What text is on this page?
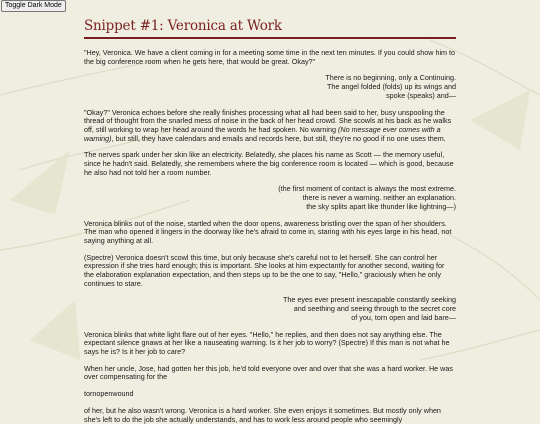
Toggle Dark Mode
Snippet #1: Veronica at Work

"Hey, Veronica. We have a client coming in for a meeting some time in the next ten minutes. If you could show him to the big conference room when he gets here, that would be great. Okay?"

There is no beginning, only a Continuing.
The angel folded (folds) up its wings and
spoke (speaks) and—

"Okay?" Veronica echoes before she really finishes processing what all had been said to her, busy unspooling the thread of thought from the snarled mess of noise in the back of her head crowd. She scowls at his back as he walks off, still working to wrap her head around the words he had spoken. No warning (No message ever comes with a warning), but still, they have calendars and emails and records here, but still, they're no good if no one uses them.

The nerves spark under her skin like an electricity. Belatedly, she places his name as Scott — the memory useful, since he hadn't said. Belatedly, she remembers where the big conference room is located — which is good, because he also had not told her a room number.

(the first moment of contact is always the most extreme.
there is never a warning. neither an explanation.
the sky splits apart like thunder like lightning—)

Veronica blinks out of the noise, startled when the door opens, awareness bristling over the span of her shoulders. The man who opened it lingers in the doorway like he's afraid to come in, staring with his eyes large in his head, not saying anything at all.

(Spectre) Veronica doesn't scowl this time, but only because she's careful not to let herself. She can control her expression if she tries hard enough; this is important. She looks at him expectantly for another second, waiting for the elaboration explanation expectation, and then steps up to be the one to say, "Hello," graciously when he only continues to stare.

The eyes ever present inescapable constantly seeking
and seething and seeing through to the secret core
of you, torn open and laid bare—

Veronica blinks that white light flare out of her eyes. "Hello," he replies, and then does not say anything else. The expectant silence gnaws at her like a nauseating warning. Is it her job to worry? (Spectre) If this man is not what he says he is? Is it her job to care?

When her uncle, Jose, had gotten her this job, he'd told everyone over and over that she was a hard worker. He was over compensating for the

tornopenwound

of her, but he also wasn't wrong. Veronica is a hard worker. She even enjoys it sometimes. But mostly only when she's left to do the job she actually understands, and has to work less around people who seemingly
